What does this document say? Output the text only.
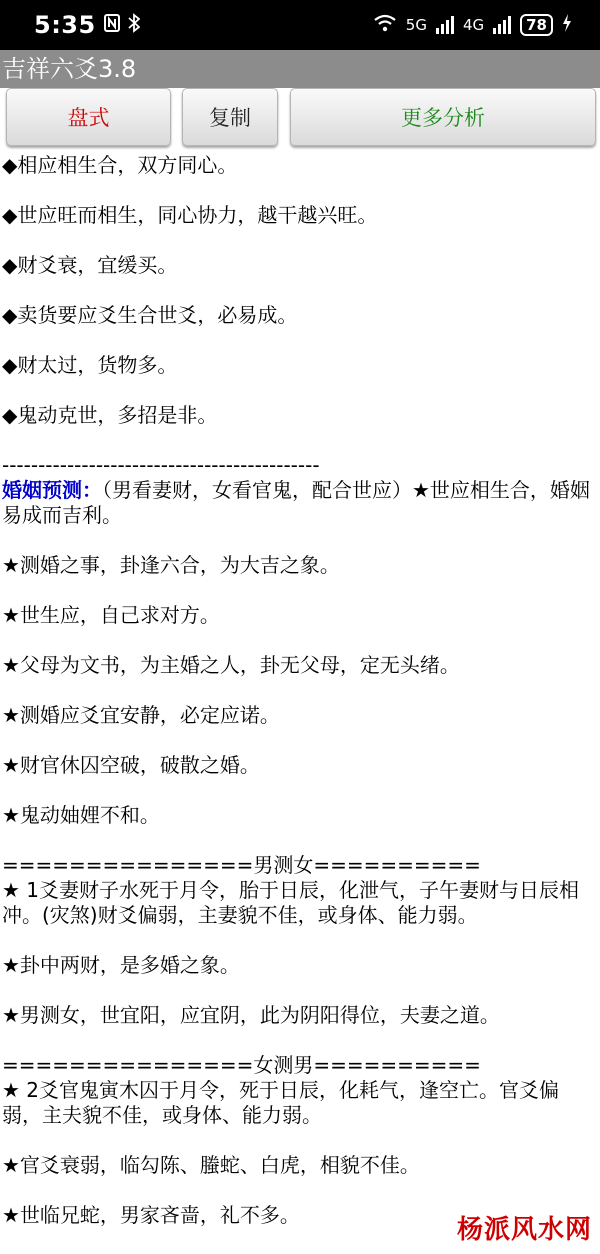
5:35	5G 4G	78
吉祥六爻3.8
盘式	复制	更多分析
◆相应相生合，双方同心。
◆世应旺而相生，同心协力，越干越兴旺。
◆财爻衰，宜缓买。
◆卖货要应爻生合世爻，必易成。
◆财太过，货物多。
◆鬼动克世，多招是非。
--------------------------------------------
婚姻预测：（男看妻财，女看官鬼，配合世应）★世应相生合，婚姻易成而吉利。
★测婚之事，卦逢六合，为大吉之象。
★世生应，自己求对方。
★父母为文书，为主婚之人，卦无父母，定无头绪。
★测婚应爻宜安静，必定应诺。
★财官休囚空破，破散之婚。
★鬼动妯娌不和。
===============男测女==========
★ 1爻妻财子水死于月令，胎于日辰，化泄气，子午妻财与日辰相冲。(灾煞)财爻偏弱，主妻貌不佳，或身体、能力弱。
★卦中两财，是多婚之象。
★男测女，世宜阳，应宜阴，此为阴阳得位，夫妻之道。
===============女测男==========
★ 2爻官鬼寅木囚于月令，死于日辰，化耗气，逢空亡。官爻偏弱，主夫貌不佳，或身体、能力弱。
★官爻衰弱，临勾陈、螣蛇、白虎，相貌不佳。
★世临兄蛇，男家吝啬，礼不多。	杨派风水网
